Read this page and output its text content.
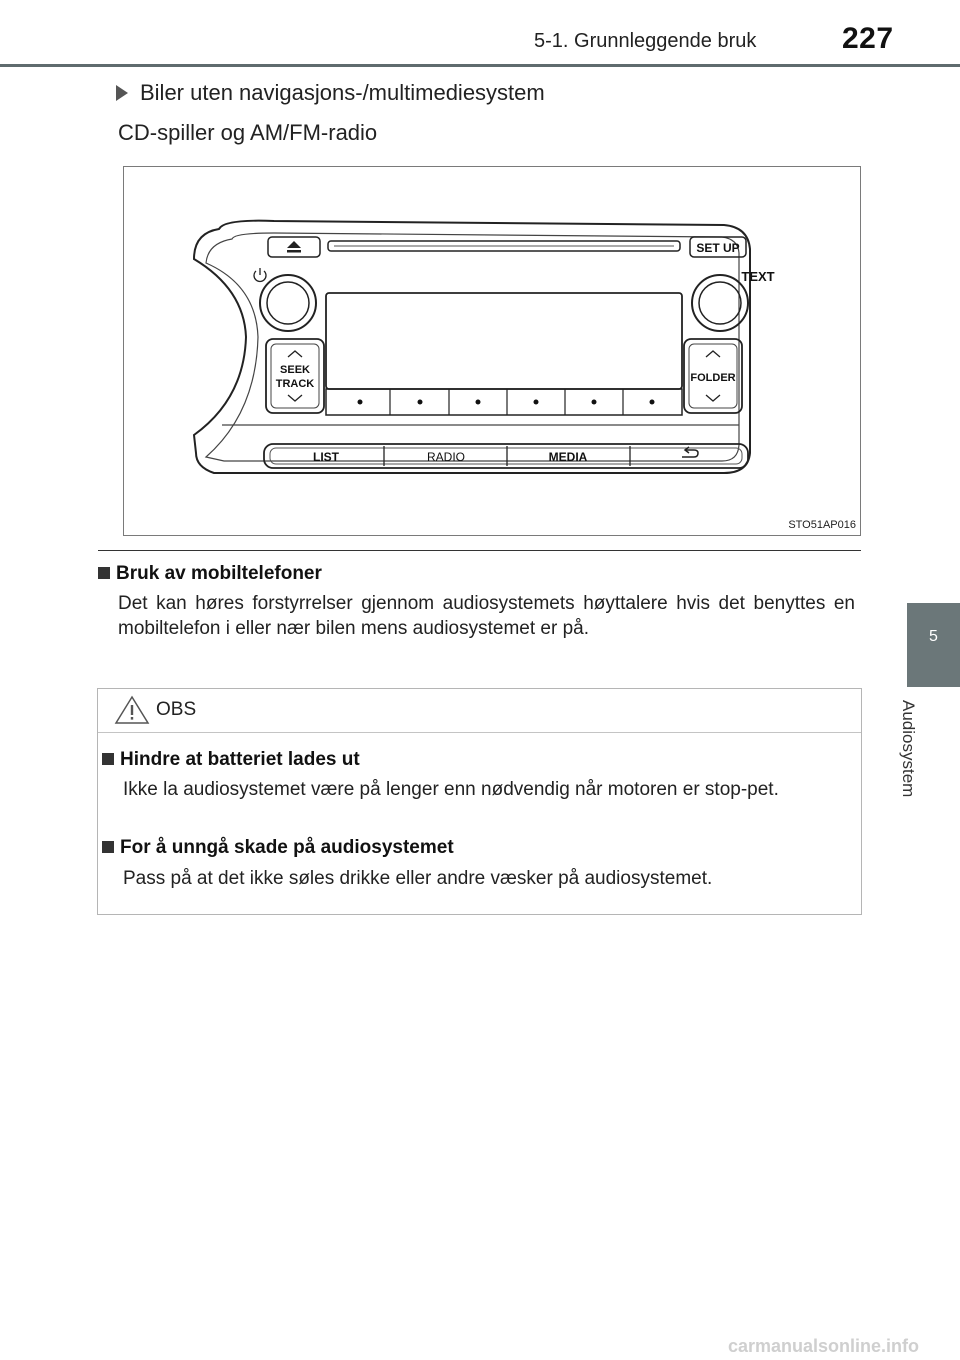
5-1. Grunnleggende bruk	227
5
Audiosystem
Biler uten navigasjons-/multimediesystem
CD-spiller og AM/FM-radio
SET UP
TEXT
SEEK
TRACK	FOLDER
LIST	RADIO	MEDIA
STO51AP016
Bruk av mobiltelefoner
Det kan høres forstyrrelser gjennom audiosystemets høyttalere hvis det benyttes en mobiltelefon i eller nær bilen mens audiosystemet er på.
OBS
Hindre at batteriet lades ut
Ikke la audiosystemet være på lenger enn nødvendig når motoren er stop-pet.
For å unngå skade på audiosystemet
Pass på at det ikke søles drikke eller andre væsker på audiosystemet.
carmanualsonline.info
